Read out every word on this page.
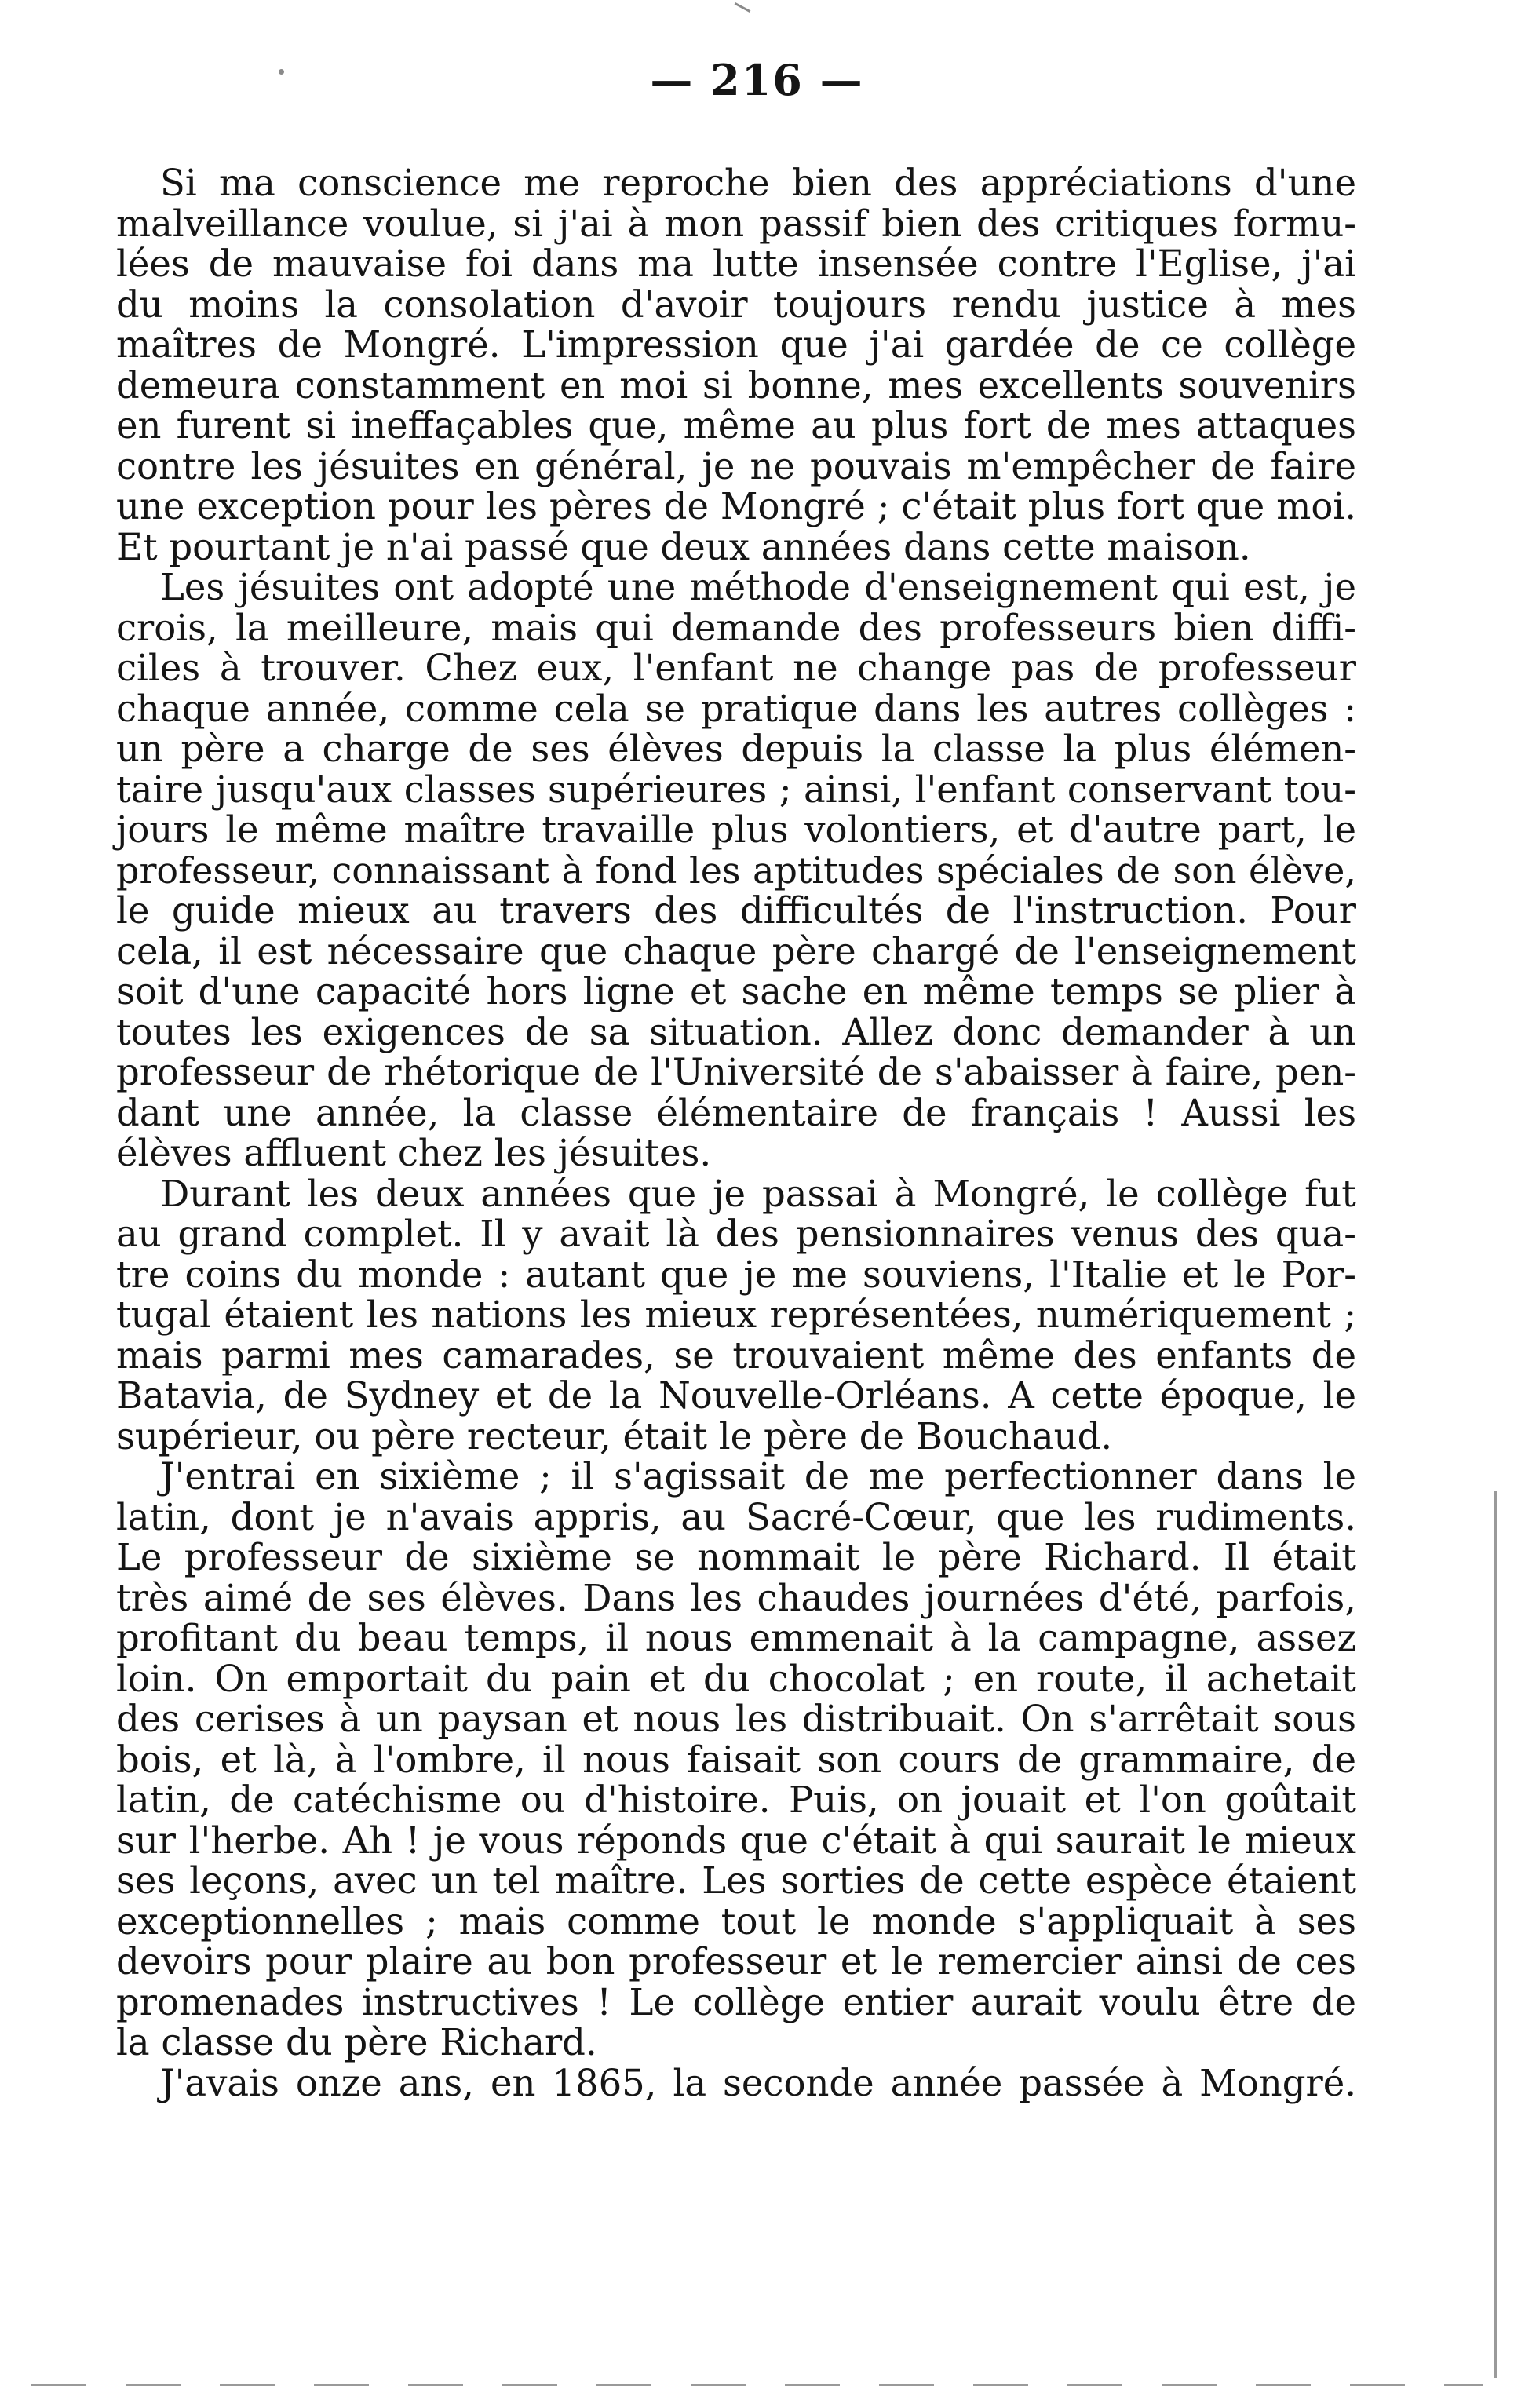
— 216 —
Si ma conscience me reproche bien des appréciations d'une
malveillance voulue, si j'ai à mon passif bien des critiques formu-
lées de mauvaise foi dans ma lutte insensée contre l'Eglise, j'ai
du moins la consolation d'avoir toujours rendu justice à mes
maîtres de Mongré. L'impression que j'ai gardée de ce collège
demeura constamment en moi si bonne, mes excellents souvenirs
en furent si ineffaçables que, même au plus fort de mes attaques
contre les jésuites en général, je ne pouvais m'empêcher de faire
une exception pour les pères de Mongré ; c'était plus fort que moi.
Et pourtant je n'ai passé que deux années dans cette maison.
Les jésuites ont adopté une méthode d'enseignement qui est, je
crois, la meilleure, mais qui demande des professeurs bien diffi-
ciles à trouver. Chez eux, l'enfant ne change pas de professeur
chaque année, comme cela se pratique dans les autres collèges :
un père a charge de ses élèves depuis la classe la plus élémen-
taire jusqu'aux classes supérieures ; ainsi, l'enfant conservant tou-
jours le même maître travaille plus volontiers, et d'autre part, le
professeur, connaissant à fond les aptitudes spéciales de son élève,
le guide mieux au travers des difficultés de l'instruction. Pour
cela, il est nécessaire que chaque père chargé de l'enseignement
soit d'une capacité hors ligne et sache en même temps se plier à
toutes les exigences de sa situation. Allez donc demander à un
professeur de rhétorique de l'Université de s'abaisser à faire, pen-
dant une année, la classe élémentaire de français ! Aussi les
élèves affluent chez les jésuites.
Durant les deux années que je passai à Mongré, le collège fut
au grand complet. Il y avait là des pensionnaires venus des qua-
tre coins du monde : autant que je me souviens, l'Italie et le Por-
tugal étaient les nations les mieux représentées, numériquement ;
mais parmi mes camarades, se trouvaient même des enfants de
Batavia, de Sydney et de la Nouvelle-Orléans. A cette époque, le
supérieur, ou père recteur, était le père de Bouchaud.
J'entrai en sixième ; il s'agissait de me perfectionner dans le
latin, dont je n'avais appris, au Sacré-Cœur, que les rudiments.
Le professeur de sixième se nommait le père Richard. Il était
très aimé de ses élèves. Dans les chaudes journées d'été, parfois,
profitant du beau temps, il nous emmenait à la campagne, assez
loin. On emportait du pain et du chocolat ; en route, il achetait
des cerises à un paysan et nous les distribuait. On s'arrêtait sous
bois, et là, à l'ombre, il nous faisait son cours de grammaire, de
latin, de catéchisme ou d'histoire. Puis, on jouait et l'on goûtait
sur l'herbe. Ah ! je vous réponds que c'était à qui saurait le mieux
ses leçons, avec un tel maître. Les sorties de cette espèce étaient
exceptionnelles ; mais comme tout le monde s'appliquait à ses
devoirs pour plaire au bon professeur et le remercier ainsi de ces
promenades instructives ! Le collège entier aurait voulu être de
la classe du père Richard.
J'avais onze ans, en 1865, la seconde année passée à Mongré.
